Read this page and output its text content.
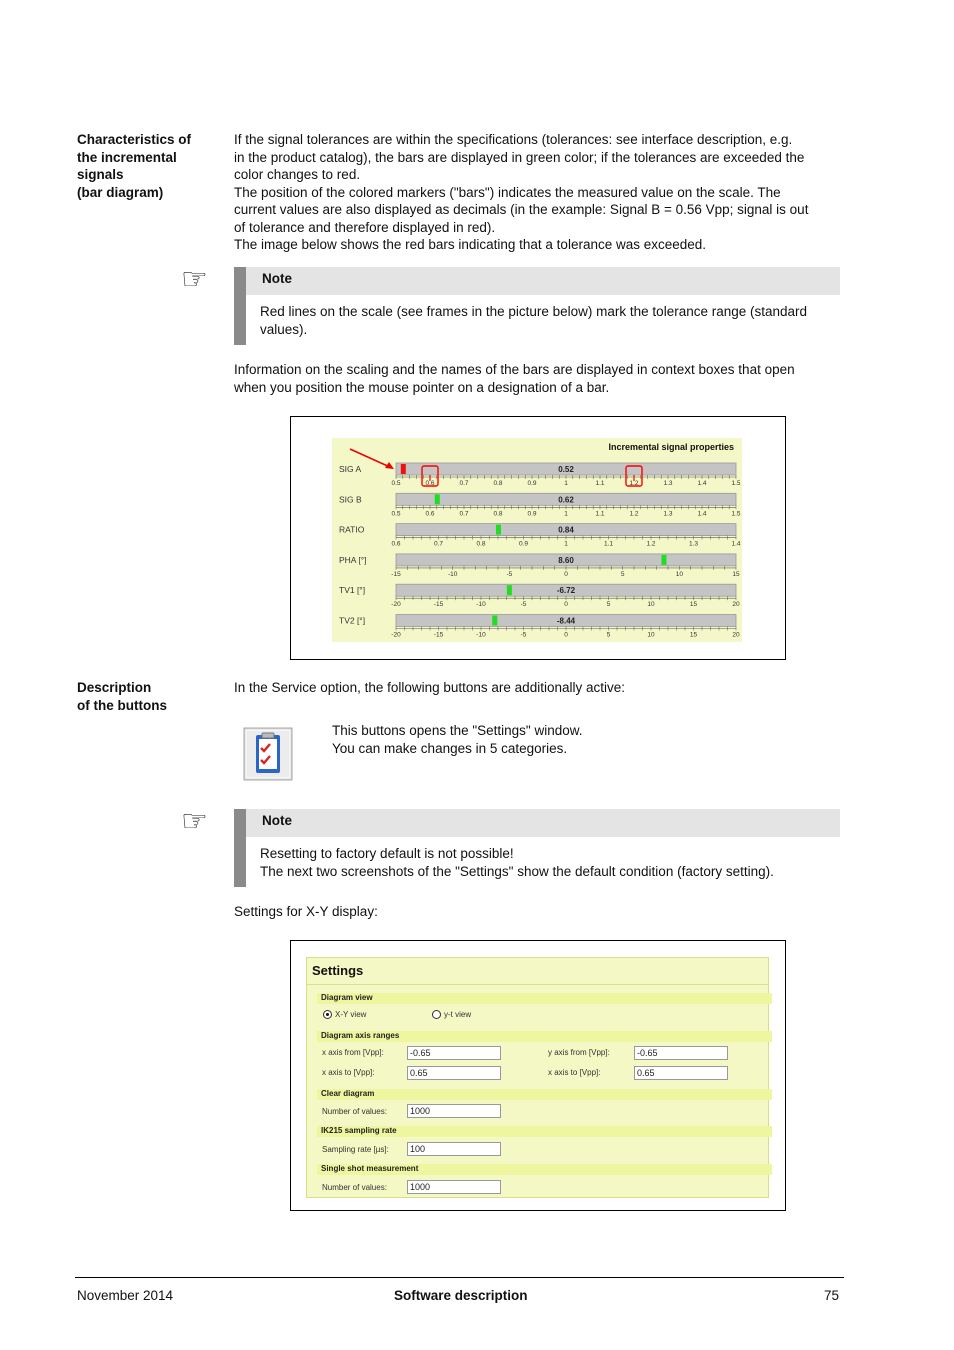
Characteristics of
the incremental
signals
(bar diagram)
If the signal tolerances are within the specifications (tolerances: see interface description, e.g.
in the product catalog), the bars are displayed in green color; if the tolerances are exceeded the
color changes to red.
The position of the colored markers ("bars") indicates the measured value on the scale. The
current values are also displayed as decimals (in the example: Signal B = 0.56 Vpp; signal is out
of tolerance and therefore displayed in red).
The image below shows the red bars indicating that a tolerance was exceeded.
☞	Note
Red lines on the scale (see frames in the picture below) mark the tolerance range (standard
values).
Information on the scaling and the names of the bars are displayed in context boxes that open
when you position the mouse pointer on a designation of a bar.
Incremental signal properties
SIG A	0.52
0.5	0.6	0.7	0.8	0.9	1	1.1	1.2	1.3	1.4	1.5
SIG B	0.62
0.5	0.6	0.7	0.8	0.9	1	1.1	1.2	1.3	1.4	1.5
RATIO	0.84
0.6	0.7	0.8	0.9	1	1.1	1.2	1.3	1.4
PHA [°]	8.60
-15	-10	-5	0	5	10	15
TV1 [°]	-6.72
-20	-15	-10	-5	0	5	10	15	20
TV2 [°]	-8.44
-20	-15	-10	-5	0	5	10	15	20
Description
of the buttons
In the Service option, the following buttons are additionally active:
This buttons opens the "Settings" window.
You can make changes in 5 categories.
☞	Note
Resetting to factory default is not possible!
The next two screenshots of the "Settings" show the default condition (factory setting).
Settings for X-Y display:
Settings
Diagram view
X-Y view	y-t view
Diagram axis ranges
x axis from [Vpp]:	-0.65	y axis from [Vpp]:	-0.65
x axis to [Vpp]:	0.65	x axis to [Vpp]:	0.65
Clear diagram
Number of values:	1000
IK215 sampling rate
Sampling rate [µs]:	100
Single shot measurement
Number of values:	1000
November 2014	Software description	75
